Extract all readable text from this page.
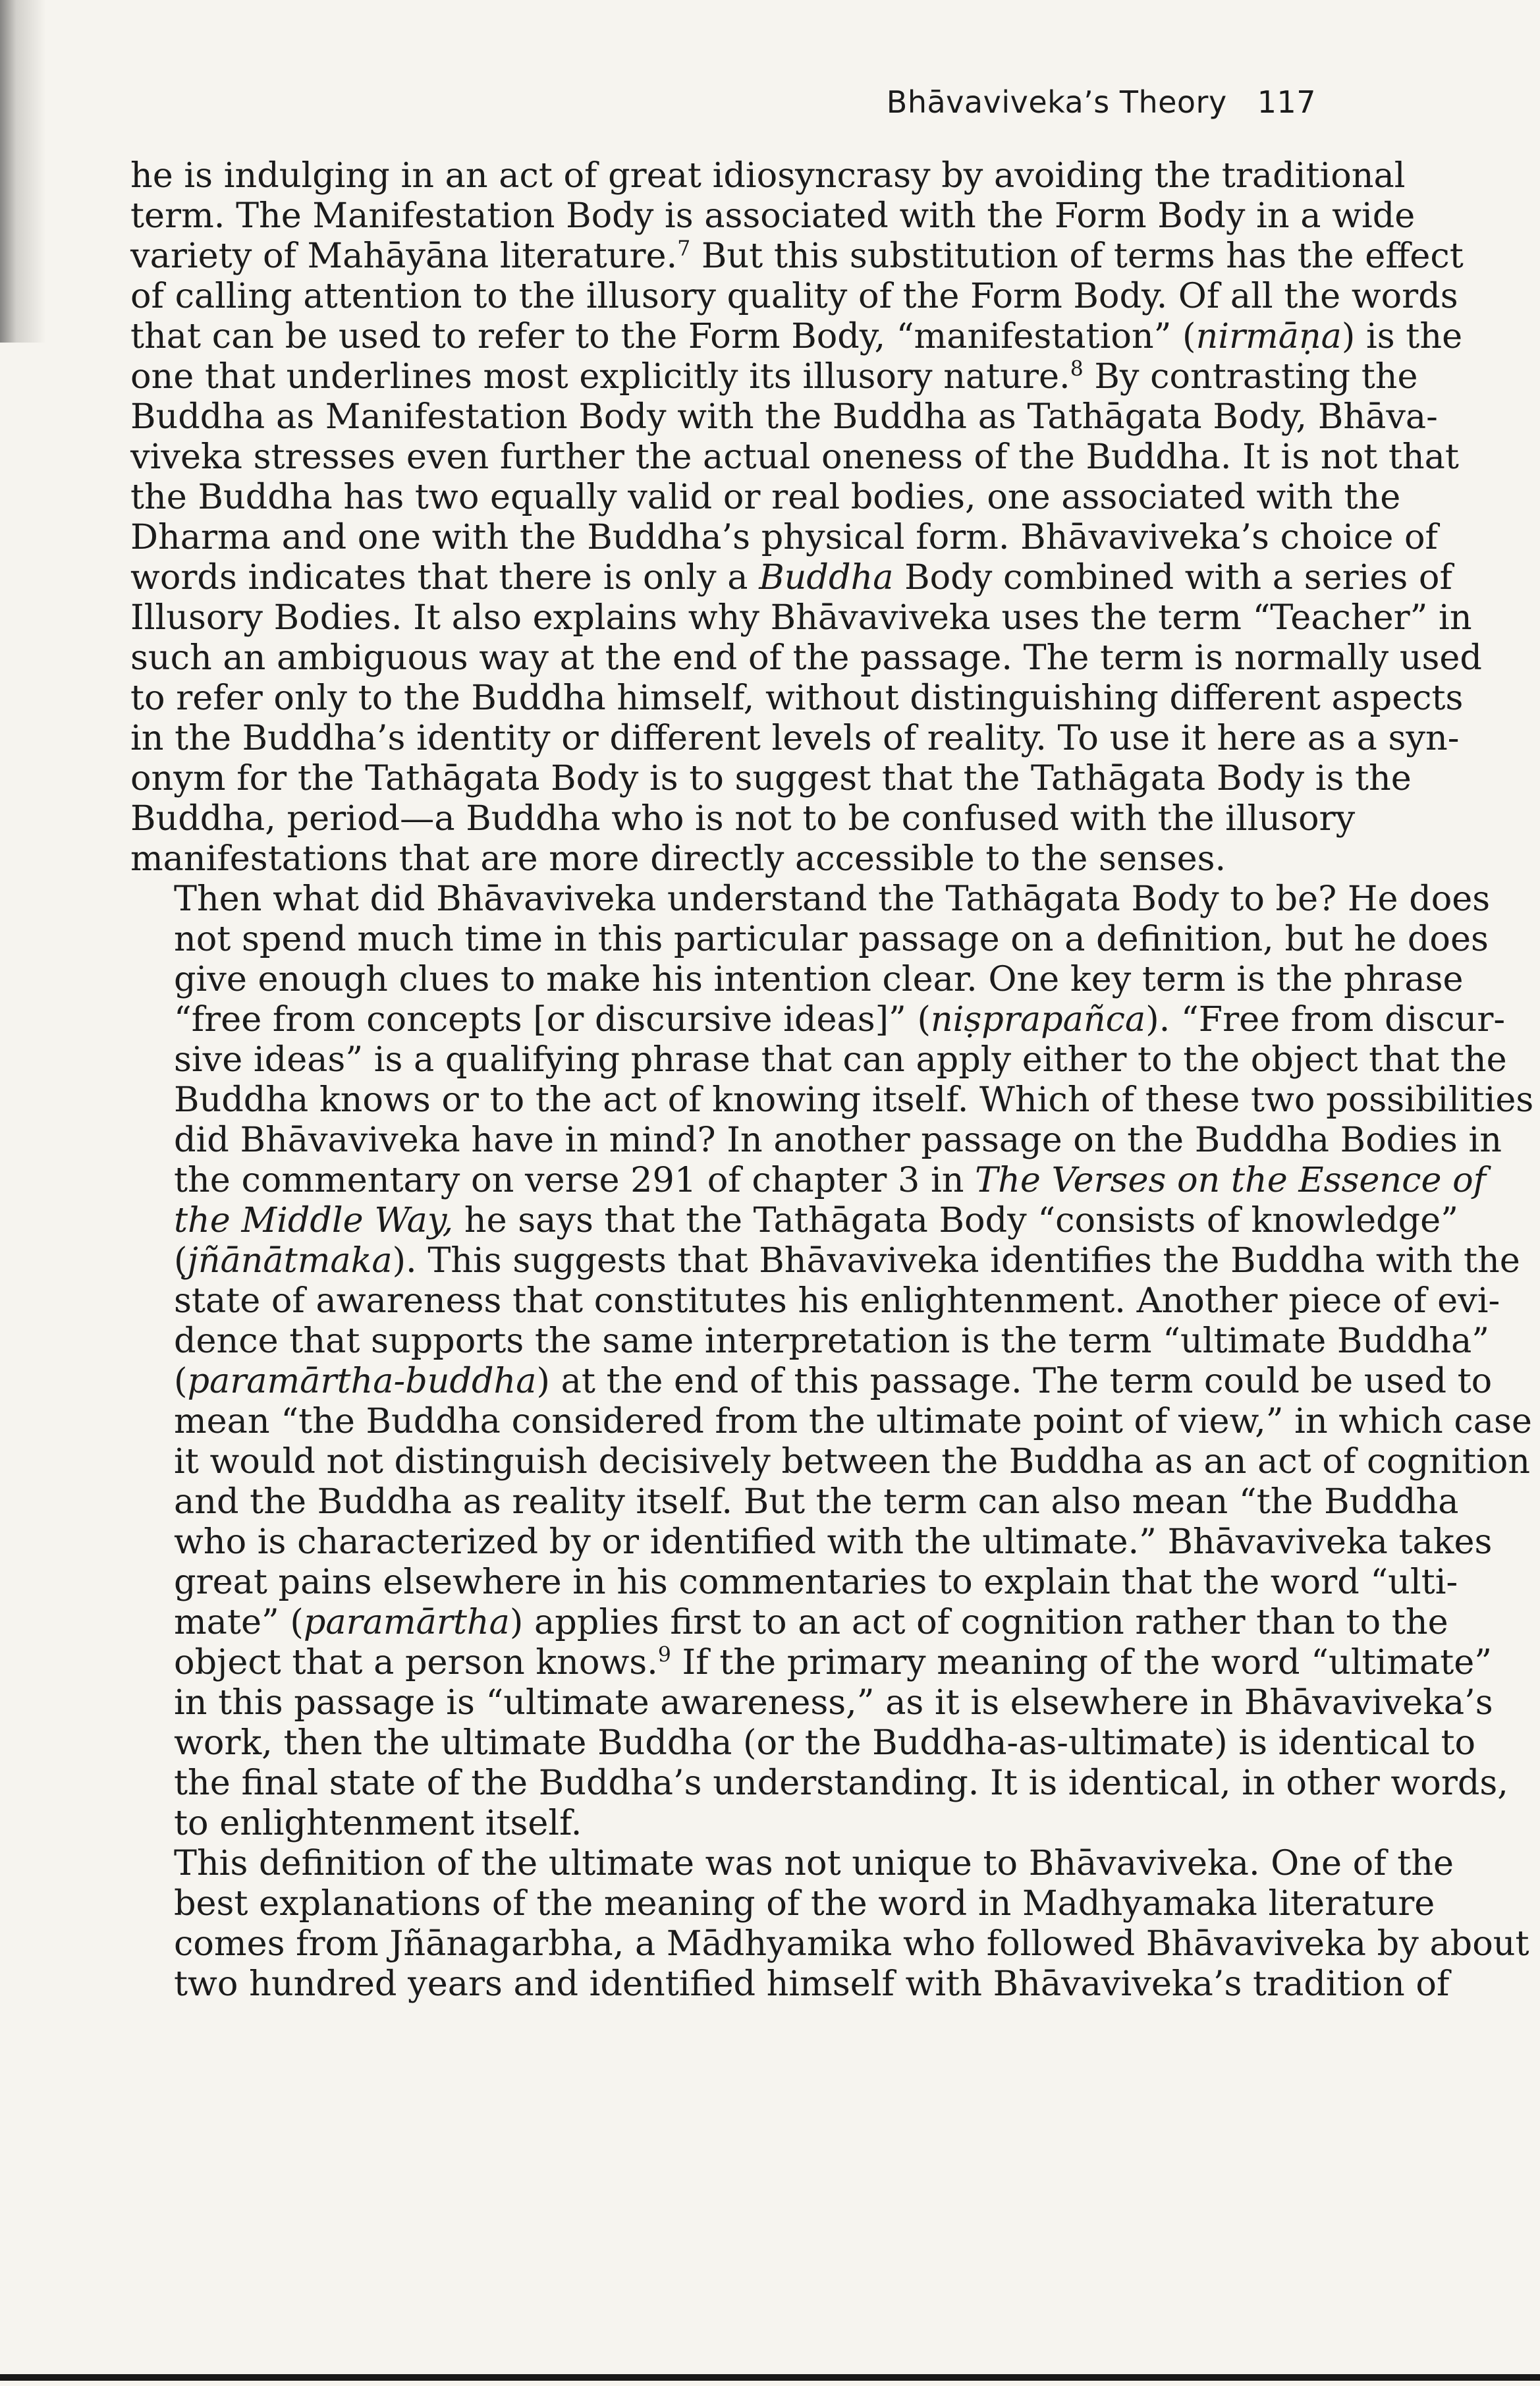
Bhāvaviveka’s Theory 117

he is indulging in an act of great idiosyncrasy by avoiding the traditional
term. The Manifestation Body is associated with the Form Body in a wide
variety of Mahāyāna literature.$^7$ But this substitution of terms has the effect
of calling attention to the illusory quality of the Form Body. Of all the words
that can be used to refer to the Form Body, “manifestation” (nirmāṇa) is the
one that underlines most explicitly its illusory nature.$^8$ By contrasting the
Buddha as Manifestation Body with the Buddha as Tathāgata Body, Bhāva-
viveka stresses even further the actual oneness of the Buddha. It is not that
the Buddha has two equally valid or real bodies, one associated with the
Dharma and one with the Buddha’s physical form. Bhāvaviveka’s choice of
words indicates that there is only a Buddha Body combined with a series of
Illusory Bodies. It also explains why Bhāvaviveka uses the term “Teacher” in
such an ambiguous way at the end of the passage. The term is normally used
to refer only to the Buddha himself, without distinguishing different aspects
in the Buddha’s identity or different levels of reality. To use it here as a syn-
onym for the Tathāgata Body is to suggest that the Tathāgata Body is the
Buddha, period—a Buddha who is not to be confused with the illusory
manifestations that are more directly accessible to the senses.

Then what did Bhāvaviveka understand the Tathāgata Body to be? He does
not spend much time in this particular passage on a definition, but he does
give enough clues to make his intention clear. One key term is the phrase
“free from concepts [or discursive ideas]” (niṣprapañca). “Free from discur-
sive ideas” is a qualifying phrase that can apply either to the object that the
Buddha knows or to the act of knowing itself. Which of these two possibilities
did Bhāvaviveka have in mind? In another passage on the Buddha Bodies in
the commentary on verse 291 of chapter 3 in The Verses on the Essence of
the Middle Way, he says that the Tathāgata Body “consists of knowledge”
(jñānātmaka). This suggests that Bhāvaviveka identifies the Buddha with the
state of awareness that constitutes his enlightenment. Another piece of evi-
dence that supports the same interpretation is the term “ultimate Buddha”
(paramārtha-buddha) at the end of this passage. The term could be used to
mean “the Buddha considered from the ultimate point of view,” in which case
it would not distinguish decisively between the Buddha as an act of cognition
and the Buddha as reality itself. But the term can also mean “the Buddha
who is characterized by or identified with the ultimate.” Bhāvaviveka takes
great pains elsewhere in his commentaries to explain that the word “ulti-
mate” (paramārtha) applies first to an act of cognition rather than to the
object that a person knows.$^9$ If the primary meaning of the word “ultimate”
in this passage is “ultimate awareness,” as it is elsewhere in Bhāvaviveka’s
work, then the ultimate Buddha (or the Buddha-as-ultimate) is identical to
the final state of the Buddha’s understanding. It is identical, in other words,
to enlightenment itself.

This definition of the ultimate was not unique to Bhāvaviveka. One of the
best explanations of the meaning of the word in Madhyamaka literature
comes from Jñānagarbha, a Mādhyamika who followed Bhāvaviveka by about
two hundred years and identified himself with Bhāvaviveka’s tradition of
